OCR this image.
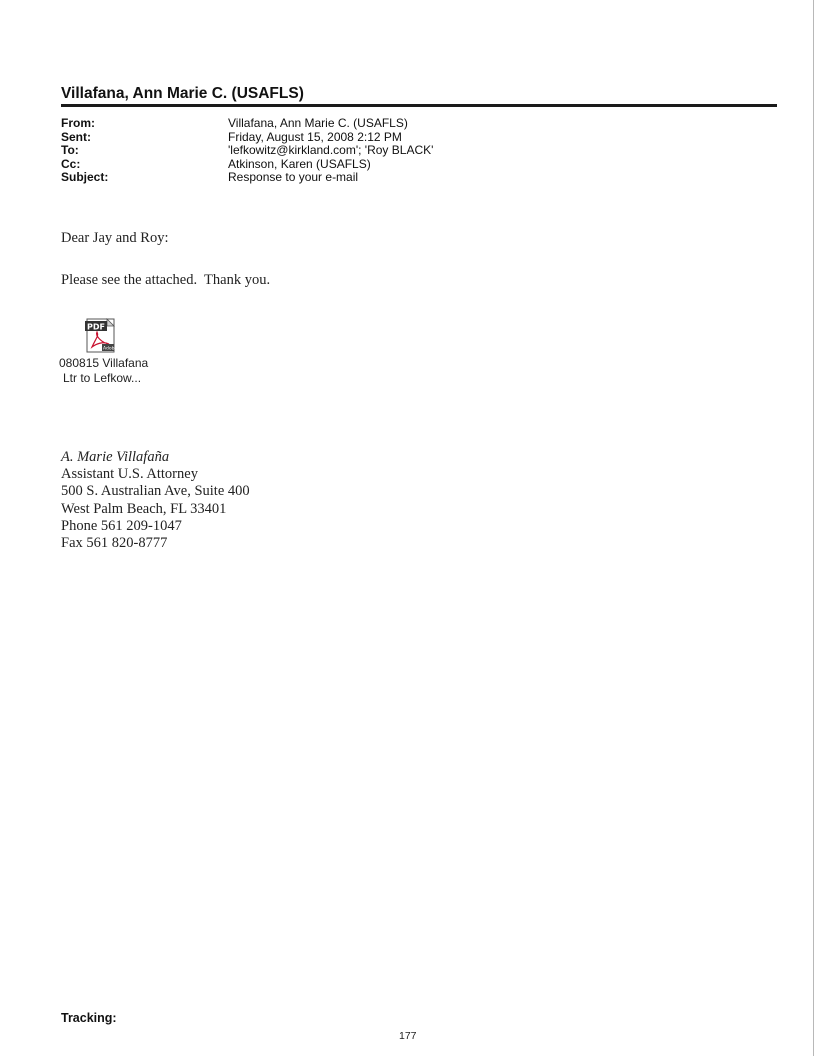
Villafana, Ann Marie C. (USAFLS)
From:	Villafana, Ann Marie C. (USAFLS)
Sent:	Friday, August 15, 2008 2:12 PM
To:	'lefkowitz@kirkland.com'; 'Roy BLACK'
Cc:	Atkinson, Karen (USAFLS)
Subject:	Response to your e-mail
Dear Jay and Roy:
Please see the attached.  Thank you.
PDF
Adobe
080815 Villafana
Ltr to Lefkow...
A. Marie Villafaña
Assistant U.S. Attorney
500 S. Australian Ave, Suite 400
West Palm Beach, FL 33401
Phone 561 209-1047
Fax 561 820-8777
Tracking:
177
